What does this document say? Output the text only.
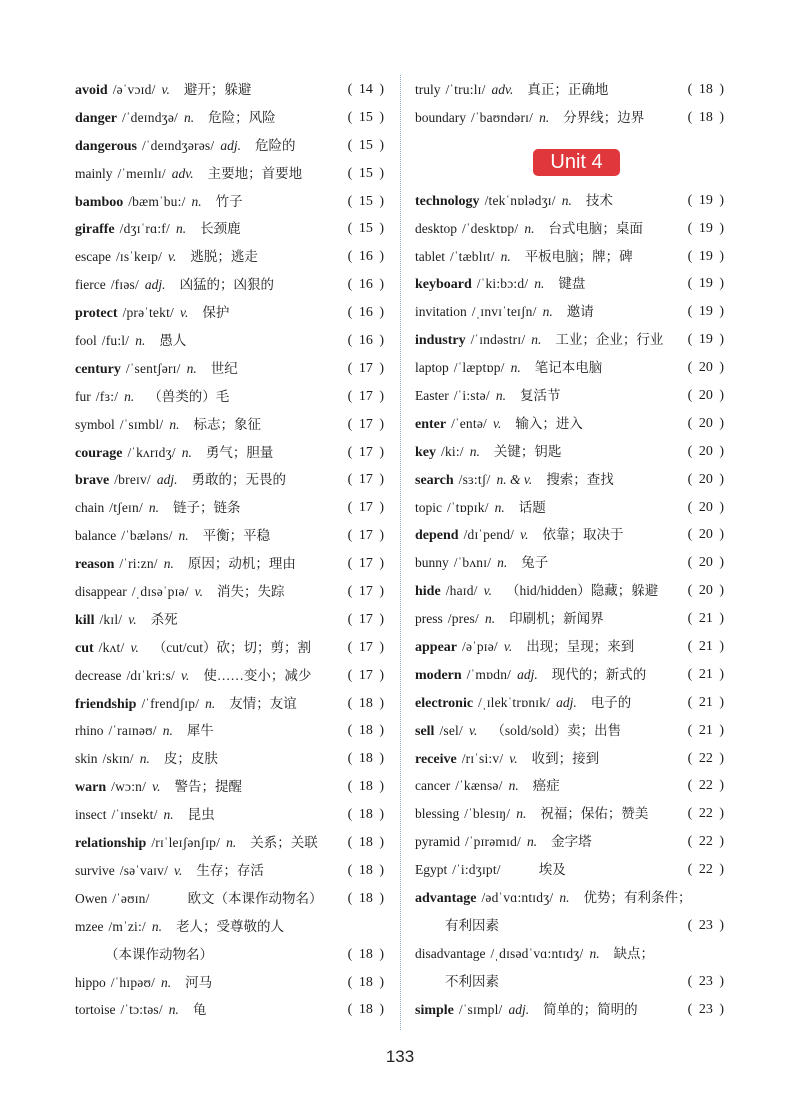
avoid /əˈvɔɪd/ v. 避开；躲避	( 14 )
danger /ˈdeɪndʒə/ n. 危险；风险	( 15 )
dangerous /ˈdeɪndʒərəs/ adj. 危险的	( 15 )
mainly /ˈmeɪnlɪ/ adv. 主要地；首要地	( 15 )
bamboo /bæmˈbu:/ n. 竹子	( 15 )
giraffe /dʒɪˈrɑ:f/ n. 长颈鹿	( 15 )
escape /ɪsˈkeɪp/ v. 逃脱；逃走	( 16 )
fierce /fɪəs/ adj. 凶猛的；凶狠的	( 16 )
protect /prəˈtekt/ v. 保护	( 16 )
fool /fu:l/ n. 愚人	( 16 )
century /ˈsentʃərɪ/ n. 世纪	( 17 )
fur /fɜ:/ n. （兽类的）毛	( 17 )
symbol /ˈsɪmbl/ n. 标志；象征	( 17 )
courage /ˈkʌrɪdʒ/ n. 勇气；胆量	( 17 )
brave /breɪv/ adj. 勇敢的；无畏的	( 17 )
chain /tʃeɪn/ n. 链子；链条	( 17 )
balance /ˈbæləns/ n. 平衡；平稳	( 17 )
reason /ˈri:zn/ n. 原因；动机；理由	( 17 )
disappear /ˌdɪsəˈpɪə/ v. 消失；失踪	( 17 )
kill /kɪl/ v. 杀死	( 17 )
cut /kʌt/ v. （cut/cut）砍；切；剪；割	( 17 )
decrease /dɪˈkri:s/ v. 使……变小；减少	( 17 )
friendship /ˈfrendʃɪp/ n. 友情；友谊	( 18 )
rhino /ˈraɪnəʊ/ n. 犀牛	( 18 )
skin /skɪn/ n. 皮；皮肤	( 18 )
warn /wɔ:n/ v. 警告；提醒	( 18 )
insect /ˈɪnsekt/ n. 昆虫	( 18 )
relationship /rɪˈleɪʃənʃɪp/ n. 关系；关联 ( 18 )
survive /səˈvaɪv/ v. 生存；存活	( 18 )
Owen /ˈəʊɪn/	欧文（本课作动物名） ( 18 )
mzee /mˈzi:/ n. 老人；受尊敬的人
（本课作动物名）	( 18 )
hippo /ˈhɪpəʊ/ n. 河马	( 18 )
tortoise /ˈtɔ:təs/ n. 龟	( 18 )
truly /ˈtru:lɪ/ adv. 真正；正确地	( 18 )
boundary /ˈbaʊndərɪ/ n. 分界线；边界	( 18 )
Unit 4
technology /tekˈnɒlədʒɪ/ n. 技术	( 19 )
desktop /ˈdesktɒp/ n. 台式电脑；桌面	( 19 )
tablet /ˈtæblɪt/ n. 平板电脑；牌；碑	( 19 )
keyboard /ˈki:bɔ:d/ n. 键盘	( 19 )
invitation /ˌɪnvɪˈteɪʃn/ n. 邀请	( 19 )
industry /ˈɪndəstrɪ/ n. 工业；企业；行业 ( 19 )
laptop /ˈlæptɒp/ n. 笔记本电脑	( 20 )
Easter /ˈi:stə/ n. 复活节	( 20 )
enter /ˈentə/ v. 输入；进入	( 20 )
key /ki:/ n. 关键；钥匙	( 20 )
search /sɜ:tʃ/ n. & v. 搜索；查找	( 20 )
topic /ˈtɒpɪk/ n. 话题	( 20 )
depend /dɪˈpend/ v. 依靠；取决于	( 20 )
bunny /ˈbʌnɪ/ n. 兔子	( 20 )
hide /haɪd/ v. （hid/hidden）隐藏；躲避 ( 20 )
press /pres/ n. 印刷机；新闻界	( 21 )
appear /əˈpɪə/ v. 出现；呈现；来到	( 21 )
modern /ˈmɒdn/ adj. 现代的；新式的	( 21 )
electronic /ˌɪlekˈtrɒnɪk/ adj. 电子的	( 21 )
sell /sel/ v. （sold/sold）卖；出售	( 21 )
receive /rɪˈsi:v/ v. 收到；接到	( 22 )
cancer /ˈkænsə/ n. 癌症	( 22 )
blessing /ˈblesɪŋ/ n. 祝福；保佑；赞美	( 22 )
pyramid /ˈpɪrəmɪd/ n. 金字塔	( 22 )
Egypt /ˈi:dʒɪpt/	埃及	( 22 )
advantage /ədˈvɑ:ntɪdʒ/ n. 优势；有利条件；
有利因素	( 23 )
disadvantage /ˌdɪsədˈvɑ:ntɪdʒ/ n. 缺点；
不利因素	( 23 )
simple /ˈsɪmpl/ adj. 简单的；简明的	( 23 )
133
